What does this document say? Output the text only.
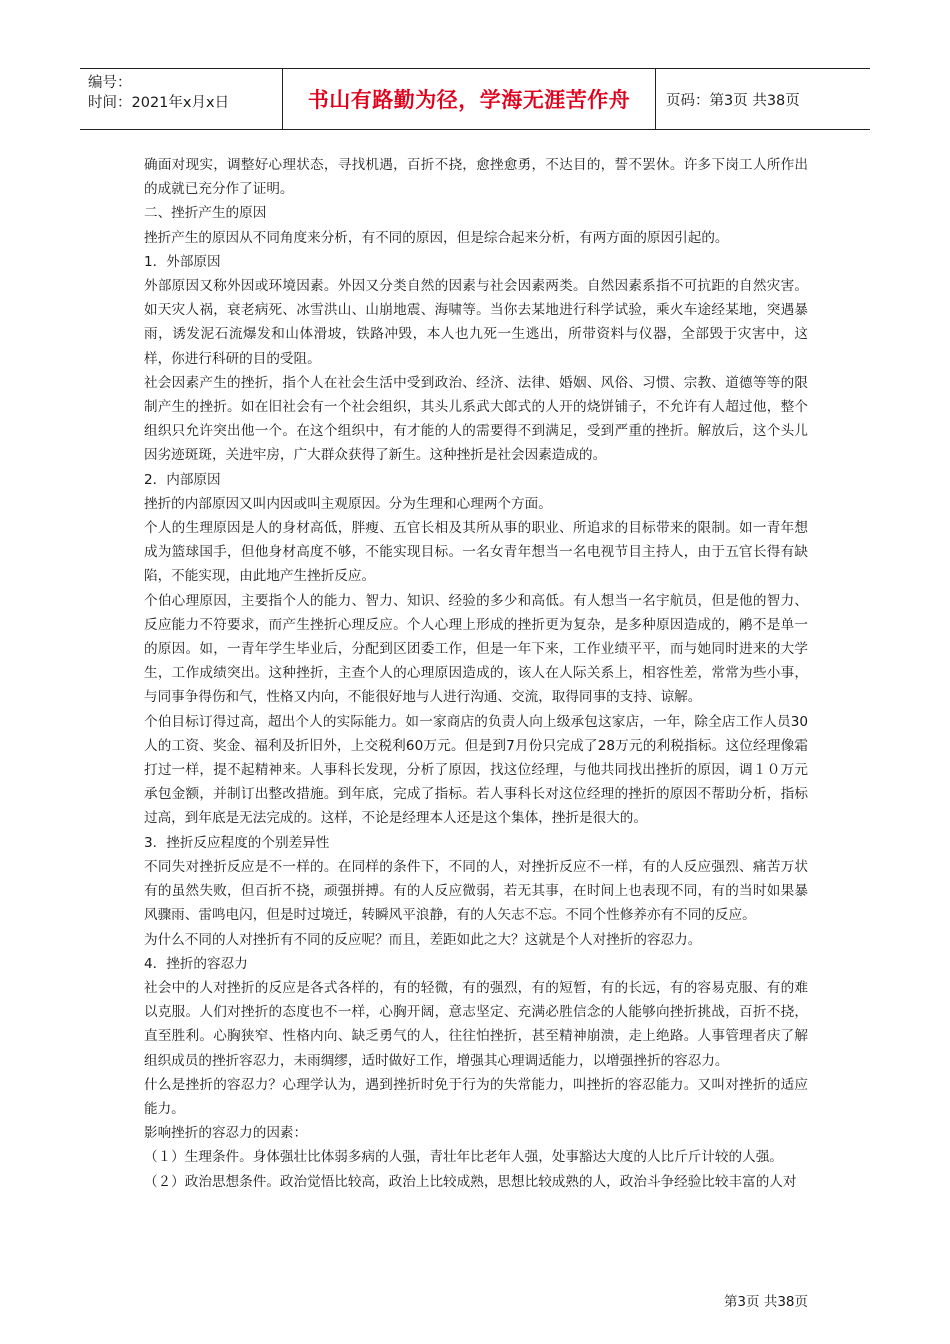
编号：
时间：2021年x月x日	书山有路勤为径，学海无涯苦作舟	页码：第3页 共38页

确面对现实，调整好心理状态，寻找机遇，百折不挠，愈挫愈勇，不达目的，誓不罢休。许多下岗工人所作出的成就已充分作了证明。

二、挫折产生的原因

挫折产生的原因从不同角度来分析，有不同的原因，但是综合起来分析，有两方面的原因引起的。

1．外部原因

外部原因又称外因或环境因素。外因又分类自然的因素与社会因素两类。自然因素系指不可抗距的自然灾害。如天灾人祸，衰老病死、冰雪洪山、山崩地震、海啸等。当你去某地进行科学试验，乘火车途经某地，突遇暴雨，诱发泥石流爆发和山体滑坡，铁路冲毁，本人也九死一生逃出，所带资料与仪器，全部毁于灾害中，这样，你进行科研的目的受阻。

社会因素产生的挫折，指个人在社会生活中受到政治、经济、法律、婚姻、风俗、习惯、宗教、道德等等的限制产生的挫折。如在旧社会有一个社会组织，其头儿系武大郎式的人开的烧饼铺子，不允许有人超过他，整个组织只允许突出他一个。在这个组织中，有才能的人的需要得不到满足，受到严重的挫折。解放后，这个头儿因劣迹斑斑，关进牢房，广大群众获得了新生。这种挫折是社会因素造成的。

2．内部原因

挫折的内部原因又叫内因或叫主观原因。分为生理和心理两个方面。

个人的生理原因是人的身材高低，胖瘦、五官长相及其所从事的职业、所追求的目标带来的限制。如一青年想成为篮球国手，但他身材高度不够，不能实现目标。一名女青年想当一名电视节目主持人，由于五官长得有缺陷，不能实现，由此地产生挫折反应。

个伯心理原因，主要指个人的能力、智力、知识、经验的多少和高低。有人想当一名宇航员，但是他的智力、反应能力不符要求，而产生挫折心理反应。个人心理上形成的挫折更为复杂，是多种原因造成的，鹇不是单一的原因。如，一青年学生毕业后，分配到区团委工作，但是一年下来，工作业绩平平，而与她同时进来的大学生，工作成绩突出。这种挫折，主查个人的心理原因造成的，该人在人际关系上，相容性差，常常为些小事，与同事争得伤和气，性格又内向，不能很好地与人进行沟通、交流，取得同事的支持、谅解。

个伯目标订得过高，超出个人的实际能力。如一家商店的负责人向上级承包这家店，一年，除全店工作人员30人的工资、奖金、福利及折旧外，上交税利60万元。但是到7月份只完成了28万元的利税指标。这位经理像霜打过一样，提不起精神来。人事科长发现，分析了原因，找这位经理，与他共同找出挫折的原因，调１０万元承包金额，并制订出整改措施。到年底，完成了指标。若人事科长对这位经理的挫折的原因不帮助分析，指标过高，到年底是无法完成的。这样，不论是经理本人还是这个集体，挫折是很大的。

3．挫折反应程度的个别差异性

不同失对挫折反应是不一样的。在同样的条件下，不同的人，对挫折反应不一样，有的人反应强烈、痛苦万状有的虽然失败，但百折不挠，顽强拼搏。有的人反应微弱，若无其事，在时间上也表现不同，有的当时如果暴风骤雨、雷鸣电闪，但是时过境迁，转瞬风平浪静，有的人矢志不忘。不同个性修养亦有不同的反应。

为什么不同的人对挫折有不同的反应呢？而且，差距如此之大？这就是个人对挫折的容忍力。

4．挫折的容忍力

社会中的人对挫折的反应是各式各样的，有的轻微，有的强烈，有的短暂，有的长远，有的容易克服、有的难以克服。人们对挫折的态度也不一样，心胸开阔，意志坚定、充满必胜信念的人能够向挫折挑战，百折不挠，直至胜利。心胸狭窄、性格内向、缺乏勇气的人，往往怕挫折，甚至精神崩溃，走上绝路。人事管理者庆了解组织成员的挫折容忍力，未雨绸缪，适时做好工作，增强其心理调适能力，以增强挫折的容忍力。

什么是挫折的容忍力？心理学认为，遇到挫折时免于行为的失常能力，叫挫折的容忍能力。又叫对挫折的适应能力。

影响挫折的容忍力的因素：

（１）生理条件。身体强壮比体弱多病的人强，青壮年比老年人强，处事豁达大度的人比斤斤计较的人强。

（２）政治思想条件。政治觉悟比较高，政治上比较成熟，思想比较成熟的人，政治斗争经验比较丰富的人对

第3页 共38页
